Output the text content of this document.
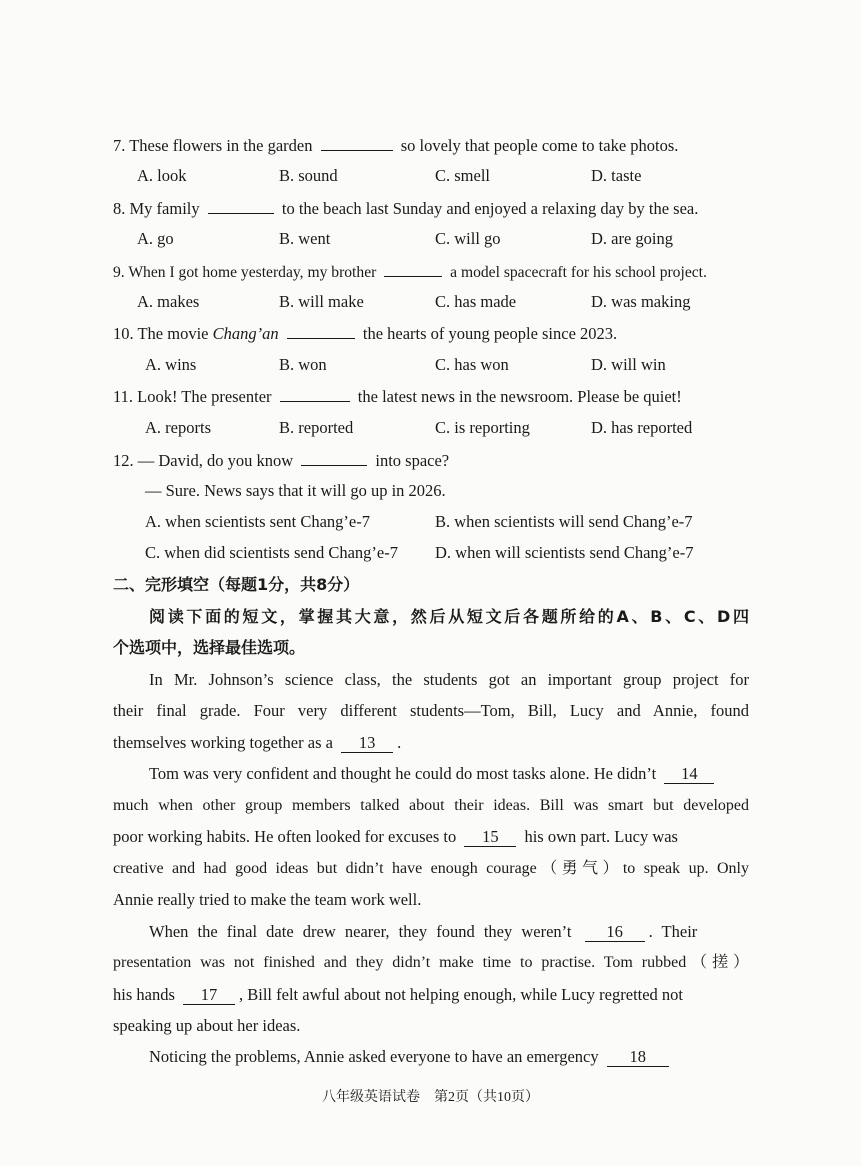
7. These flowers in the garden	so lovely that people come to take photos.
A. look	B. sound	C. smell	D. taste
8. My family	to the beach last Sunday and enjoyed a relaxing day by the sea.
A. go	B. went	C. will go	D. are going
9. When I got home yesterday, my brother	a model spacecraft for his school project.
A. makes	B. will make	C. has made	D. was making
10. The movie Chang’an	the hearts of young people since 2023.
A. wins	B. won	C. has won	D. will win
11. Look! The presenter	the latest news in the newsroom. Please be quiet!
A. reports	B. reported	C. is reporting	D. has reported
12. — David, do you know	into space?
— Sure. News says that it will go up in 2026.
A. when scientists sent Chang’e-7	B. when scientists will send Chang’e-7
C. when did scientists send Chang’e-7 D. when will scientists send Chang’e-7
二、完形填空（每题1分，共8分）
阅读下面的短文，掌握其大意，然后从短文后各题所给的A、B、C、D四
个选项中，选择最佳选项。
In Mr. Johnson’s science class, the students got an important group project for
their final grade. Four very different students—Tom, Bill, Lucy and Annie, found
themselves working together as a 13 .
Tom was very confident and thought he could do most tasks alone. He didn’t 14
much when other group members talked about their ideas. Bill was smart but developed
poor working habits. He often looked for excuses to 15 his own part. Lucy was
creative and had good ideas but didn’t have enough courage（勇气）to speak up. Only
Annie really tried to make the team work well.
When the final date drew nearer, they found they weren’t 16 . Their
presentation was not finished and they didn’t make time to practise. Tom rubbed（搓）
his hands 17 , Bill felt awful about not helping enough, while Lucy regretted not
speaking up about her ideas.
Noticing the problems, Annie asked everyone to have an emergency 18
八年级英语试卷　第2页（共10页）
